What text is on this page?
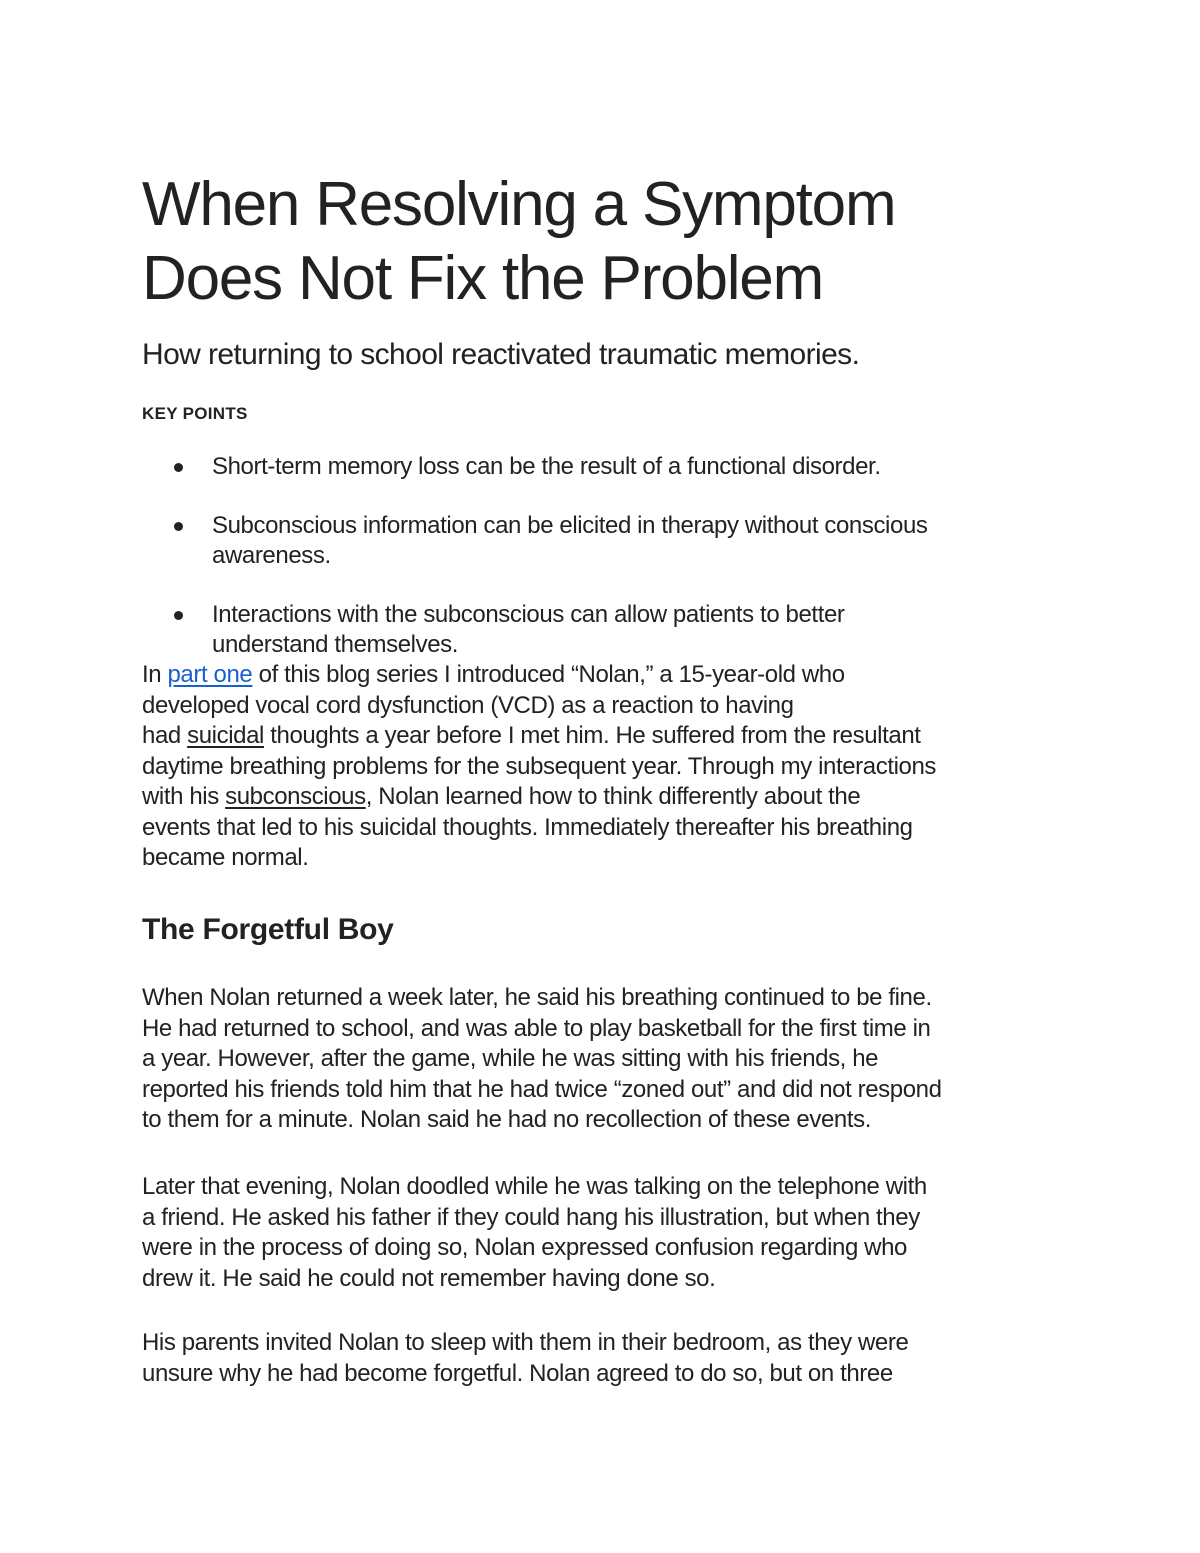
When Resolving a Symptom
Does Not Fix the Problem

How returning to school reactivated traumatic memories.

KEY POINTS

Short-term memory loss can be the result of a functional disorder.
Subconscious information can be elicited in therapy without conscious
awareness.
Interactions with the subconscious can allow patients to better
understand themselves.

In part one of this blog series I introduced “Nolan,” a 15-year-old who
developed vocal cord dysfunction (VCD) as a reaction to having
had suicidal thoughts a year before I met him. He suffered from the resultant
daytime breathing problems for the subsequent year. Through my interactions
with his subconscious, Nolan learned how to think differently about the
events that led to his suicidal thoughts. Immediately thereafter his breathing
became normal.

The Forgetful Boy

When Nolan returned a week later, he said his breathing continued to be fine.
He had returned to school, and was able to play basketball for the first time in
a year. However, after the game, while he was sitting with his friends, he
reported his friends told him that he had twice “zoned out” and did not respond
to them for a minute. Nolan said he had no recollection of these events.

Later that evening, Nolan doodled while he was talking on the telephone with
a friend. He asked his father if they could hang his illustration, but when they
were in the process of doing so, Nolan expressed confusion regarding who
drew it. He said he could not remember having done so.

His parents invited Nolan to sleep with them in their bedroom, as they were
unsure why he had become forgetful. Nolan agreed to do so, but on three
